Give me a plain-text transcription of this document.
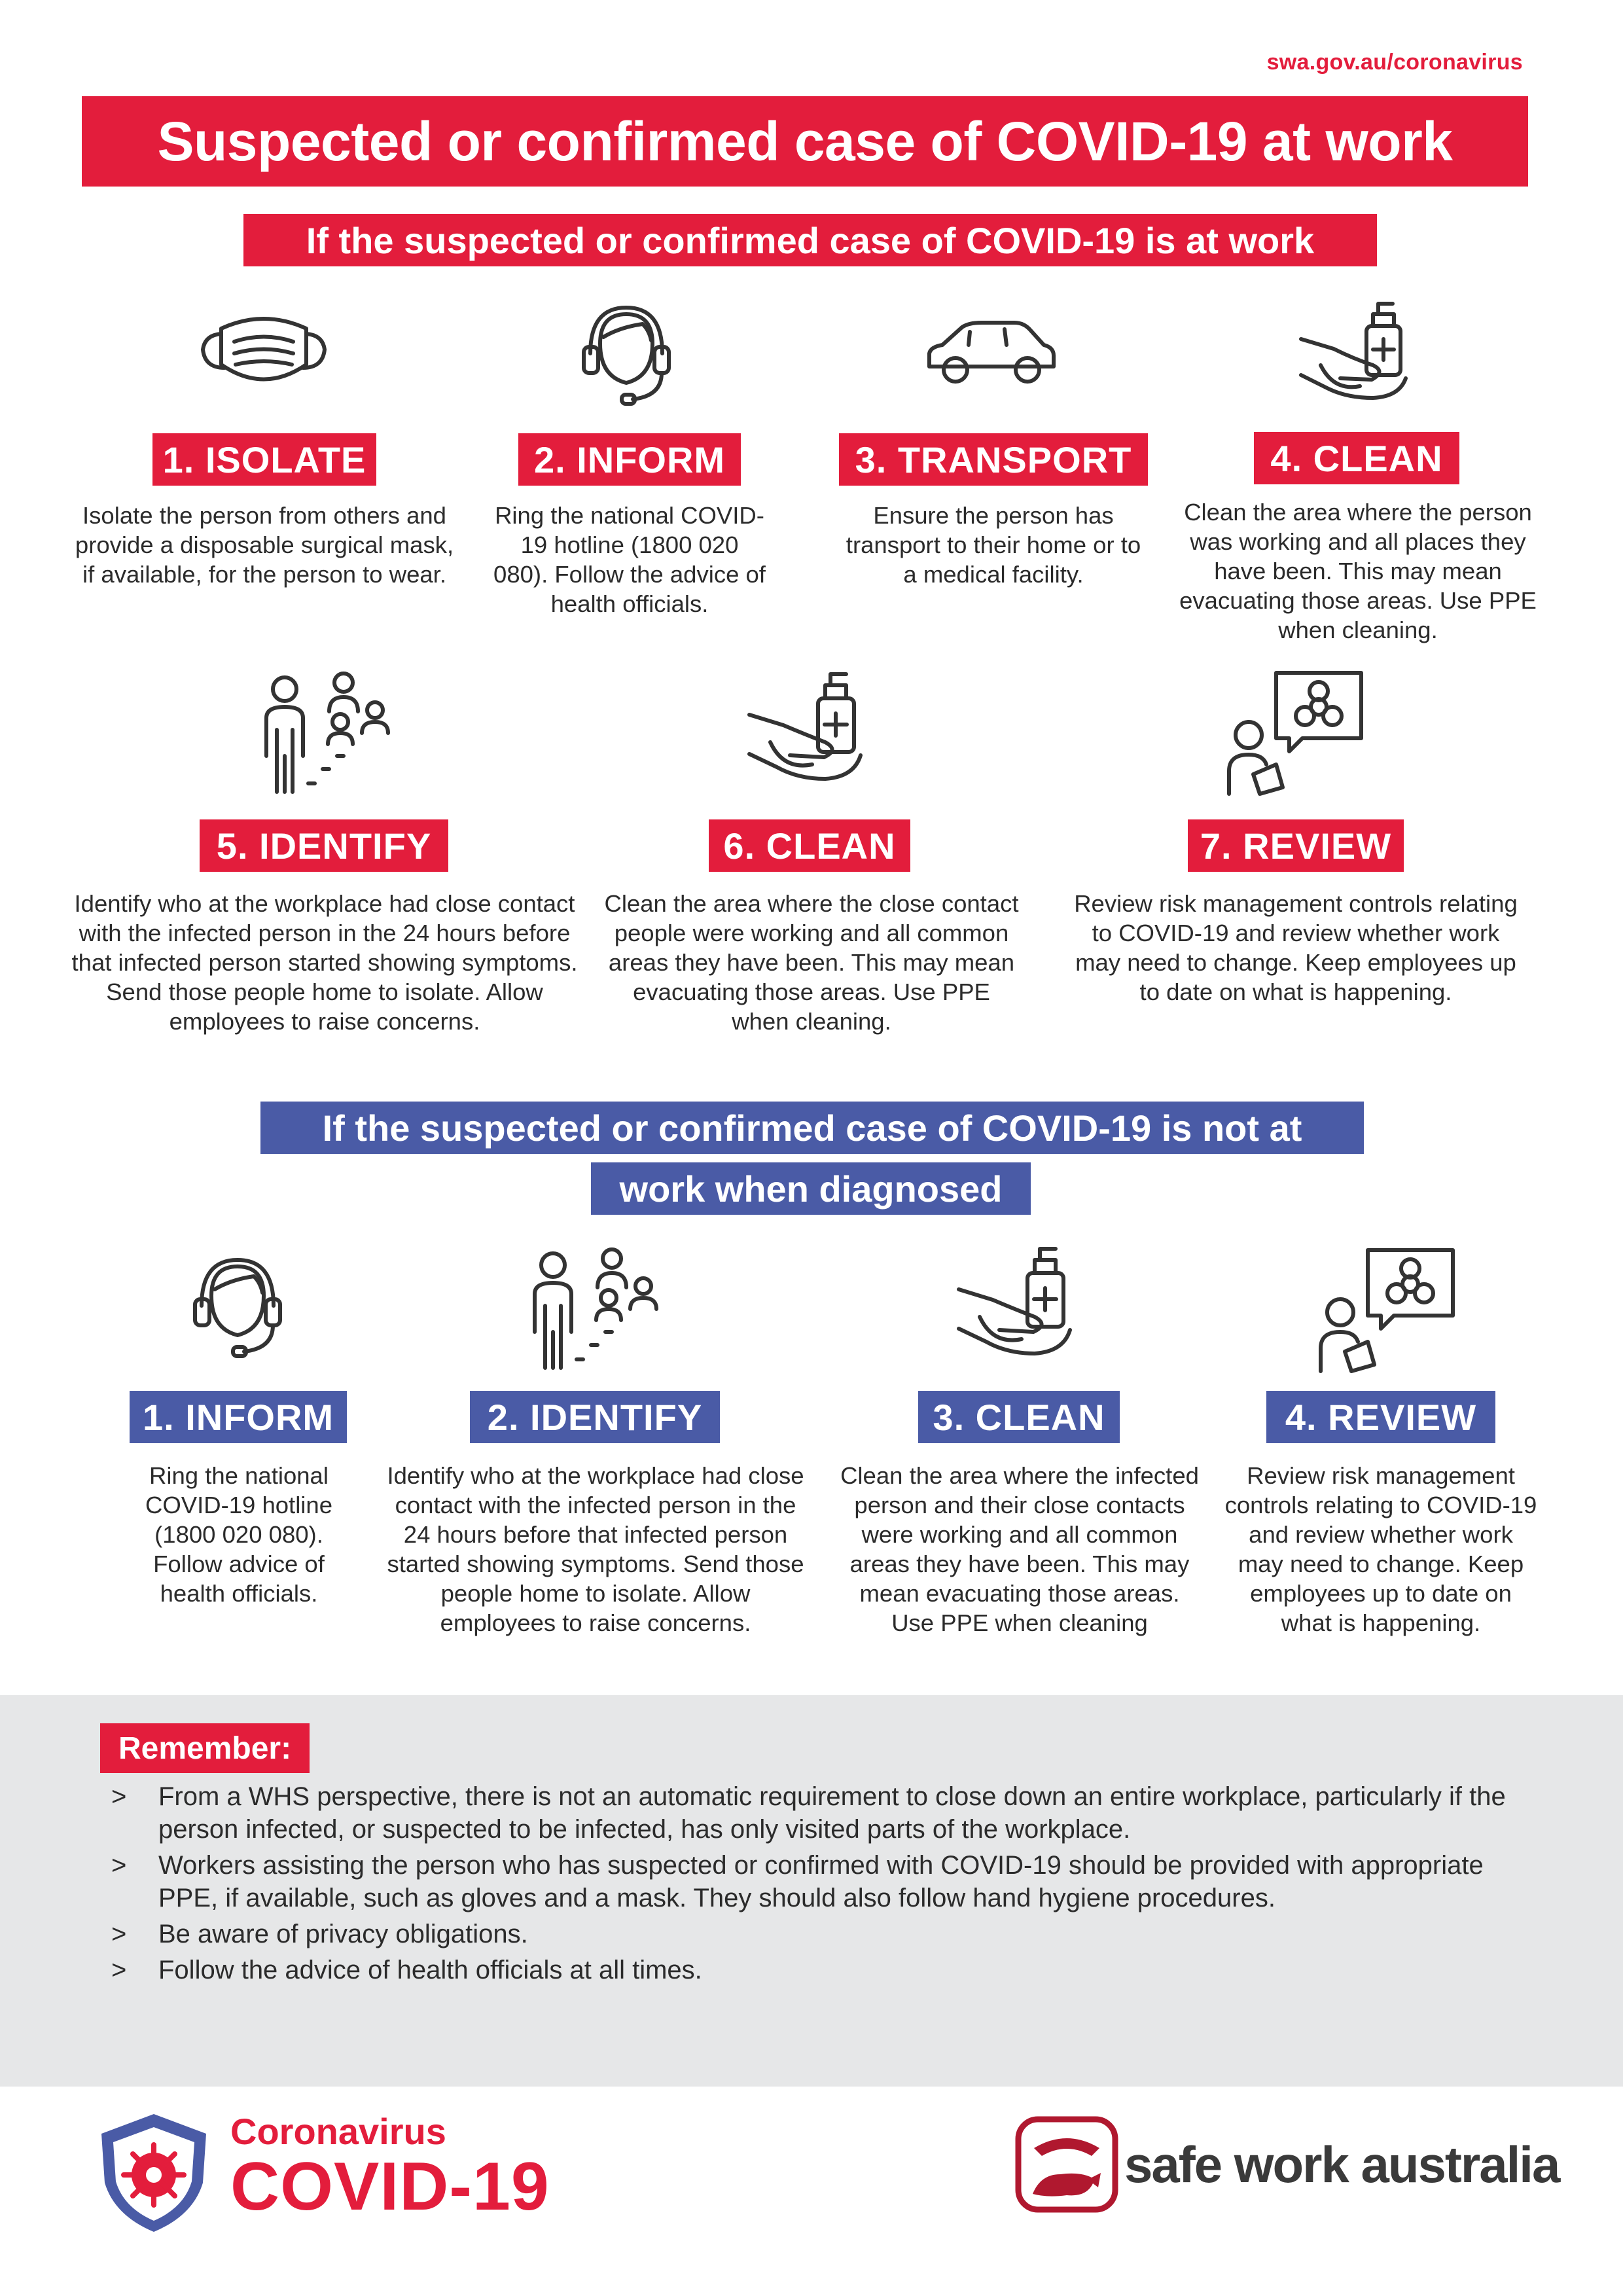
swa.gov.au/coronavirus
Suspected or confirmed case of COVID-19 at work
If the suspected or confirmed case of COVID-19 is at work
1. ISOLATE	2. INFORM	3. TRANSPORT	4. CLEAN
Isolate the person from others and provide a disposable surgical mask, if available, for the person to wear.
Ring the national COVID-19 hotline (1800 020 080). Follow the advice of health officials.
Ensure the person has transport to their home or to a medical facility.
Clean the area where the person was working and all places they have been. This may mean evacuating those areas. Use PPE when cleaning.
5. IDENTIFY	6. CLEAN	7. REVIEW
Identify who at the workplace had close contact with the infected person in the 24 hours before that infected person started showing symptoms. Send those people home to isolate. Allow employees to raise concerns.
Clean the area where the close contact people were working and all common areas they have been. This may mean evacuating those areas. Use PPE when cleaning.
Review risk management controls relating to COVID-19 and review whether work may need to change. Keep employees up to date on what is happening.
If the suspected or confirmed case of COVID-19 is not at
work when diagnosed
1. INFORM	2. IDENTIFY	3. CLEAN	4. REVIEW
Ring the national COVID-19 hotline (1800 020 080). Follow advice of health officials.
Identify who at the workplace had close contact with the infected person in the 24 hours before that infected person started showing symptoms. Send those people home to isolate. Allow employees to raise concerns.
Clean the area where the infected person and their close contacts were working and all common areas they have been. This may mean evacuating those areas. Use PPE when cleaning
Review risk management controls relating to COVID-19 and review whether work may need to change. Keep employees up to date on what is happening.
Remember:
>	From a WHS perspective, there is not an automatic requirement to close down an entire workplace, particularly if the person infected, or suspected to be infected, has only visited parts of the workplace.
>	Workers assisting the person who has suspected or confirmed with COVID-19 should be provided with appropriate PPE, if available, such as gloves and a mask. They should also follow hand hygiene procedures.
>	Be aware of privacy obligations.
>	Follow the advice of health officials at all times.
Coronavirus
COVID-19	safe work australia
